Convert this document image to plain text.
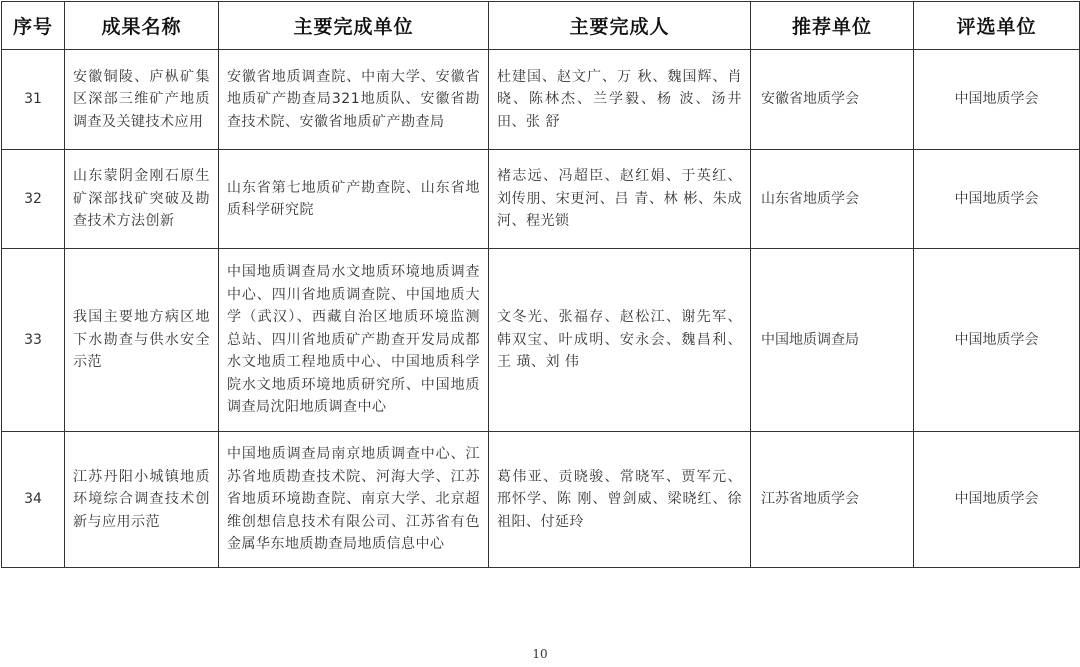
序号	成果名称	主要完成单位	主要完成人	推荐单位	评选单位
31	安徽铜陵、庐枞矿集区深部三维矿产地质调查及关键技术应用	安徽省地质调查院、中南大学、安徽省地质矿产勘查局321地质队、安徽省勘查技术院、安徽省地质矿产勘查局	杜建国、赵文广、万 秋、魏国辉、肖 晓、陈林杰、兰学毅、杨 波、汤井田、张 舒	安徽省地质学会	中国地质学会
32	山东蒙阴金刚石原生矿深部找矿突破及勘查技术方法创新	山东省第七地质矿产勘查院、山东省地质科学研究院	褚志远、冯超臣、赵红娟、于英红、刘传朋、宋更河、吕 青、林 彬、朱成河、程光锁	山东省地质学会	中国地质学会
33	我国主要地方病区地下水勘查与供水安全示范	中国地质调查局水文地质环境地质调查中心、四川省地质调查院、中国地质大学（武汉）、西藏自治区地质环境监测总站、四川省地质矿产勘查开发局成都水文地质工程地质中心、中国地质科学院水文地质环境地质研究所、中国地质调查局沈阳地质调查中心	文冬光、张福存、赵松江、谢先军、韩双宝、叶成明、安永会、魏昌利、王 璜、刘 伟	中国地质调查局	中国地质学会
34	江苏丹阳小城镇地质环境综合调查技术创新与应用示范	中国地质调查局南京地质调查中心、江苏省地质勘查技术院、河海大学、江苏省地质环境勘查院、南京大学、北京超维创想信息技术有限公司、江苏省有色金属华东地质勘查局地质信息中心	葛伟亚、贡晓骏、常晓军、贾军元、邢怀学、陈 刚、曾剑威、梁晓红、徐祖阳、付延玲	江苏省地质学会	中国地质学会
10
